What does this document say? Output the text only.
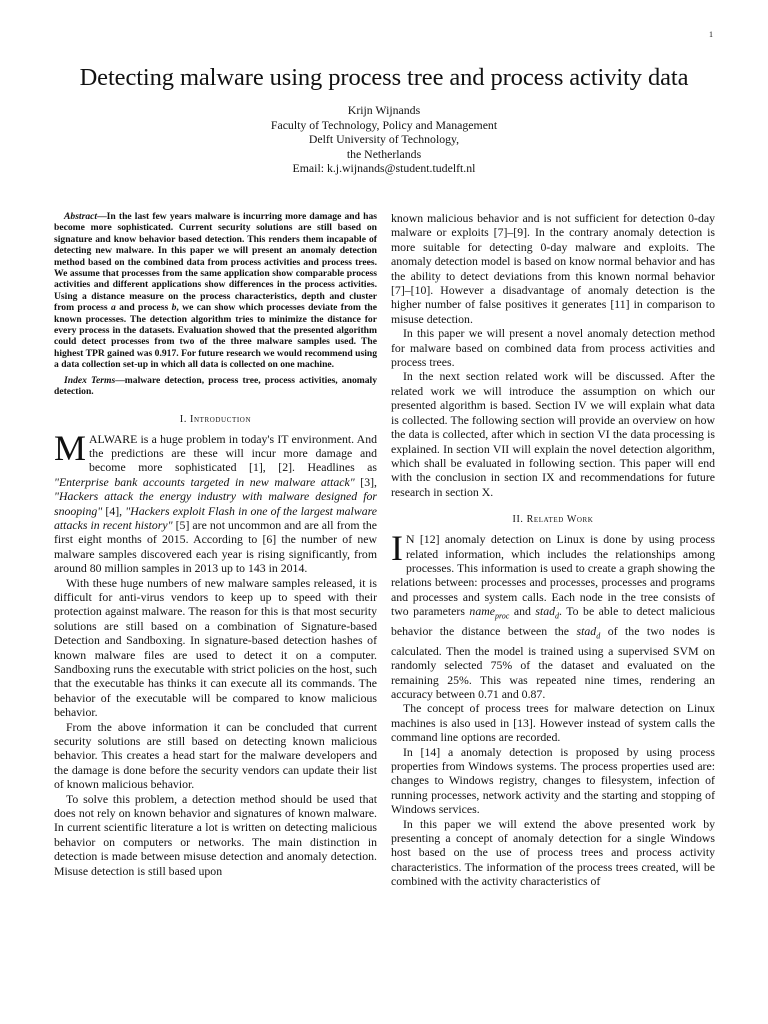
1
Detecting malware using process tree and process activity data
Krijn Wijnands
Faculty of Technology, Policy and Management
Delft University of Technology,
the Netherlands
Email: k.j.wijnands@student.tudelft.nl

Abstract—In the last few years malware is incurring more damage and has become more sophisticated. Current security solutions are still based on signature and know behavior based detection. This renders them incapable of detecting new malware. In this paper we will present an anomaly detection method based on the combined data from process activities and process trees. We assume that processes from the same application show comparable process activities and different applications show differences in the process activities. Using a distance measure on the process characteristics, depth and cluster from process a and process b, we can show which processes deviate from the known processes. The detection algorithm tries to minimize the distance for every process in the datasets. Evaluation showed that the presented algorithm could detect processes from two of the three malware samples used. The highest TPR gained was 0.917. For future research we would recommend using a data collection set-up in which all data is collected on one machine.

Index Terms—malware detection, process tree, process activities, anomaly detection.

I. Introduction

MALWARE is a huge problem in today's IT environment. And the predictions are these will incur more damage and become more sophisticated [1], [2]. Headlines as "Enterprise bank accounts targeted in new malware attack" [3], "Hackers attack the energy industry with malware designed for snooping" [4], "Hackers exploit Flash in one of the largest malware attacks in recent history" [5] are not uncommon and are all from the first eight months of 2015. According to [6] the number of new malware samples discovered each year is rising significantly, from around 80 million samples in 2013 up to 143 in 2014.

With these huge numbers of new malware samples released, it is difficult for anti-virus vendors to keep up to speed with their protection against malware. The reason for this is that most security solutions are still based on a combination of Signature-based Detection and Sandboxing. In signature-based detection hashes of known malware files are used to detect it on a computer. Sandboxing runs the executable with strict policies on the host, such that the executable has thinks it can execute all its commands. The behavior of the executable will be compared to know malicious behavior.

From the above information it can be concluded that current security solutions are still based on detecting known malicious behavior. This creates a head start for the malware developers and the damage is done before the security vendors can update their list of known malicious behavior.

To solve this problem, a detection method should be used that does not rely on known behavior and signatures of known malware. In current scientific literature a lot is written on detecting malicious behavior on computers or networks. The main distinction in detection is made between misuse detection and anomaly detection. Misuse detection is still based upon

known malicious behavior and is not sufficient for detection 0-day malware or exploits [7]–[9]. In the contrary anomaly detection is more suitable for detecting 0-day malware and exploits. The anomaly detection model is based on know normal behavior and has the ability to detect deviations from this known normal behavior [7]–[10]. However a disadvantage of anomaly detection is the higher number of false positives it generates [11] in comparison to misuse detection.

In this paper we will present a novel anomaly detection method for malware based on combined data from process activities and process trees.

In the next section related work will be discussed. After the related work we will introduce the assumption on which our presented algorithm is based. Section IV we will explain what data is collected. The following section will provide an overview on how the data is collected, after which in section VI the data processing is explained. In section VII will explain the novel detection algorithm, which shall be evaluated in following section. This paper will end with the conclusion in section IX and recommendations for future research in section X.

II. Related Work

I N [12] anomaly detection on Linux is done by using process related information, which includes the relationships among processes. This information is used to create a graph showing the relations between: processes and processes, processes and programs and processes and system calls. Each node in the tree consists of two parameters name$_{proc}$ and stad$_d$. To be able to detect malicious behavior the distance between the stad$_d$ of the two nodes is calculated. Then the model is trained using a supervised SVM on randomly selected 75% of the dataset and evaluated on the remaining 25%. This was repeated nine times, rendering an accuracy between 0.71 and 0.87.

The concept of process trees for malware detection on Linux machines is also used in [13]. However instead of system calls the command line options are recorded.

In [14] a anomaly detection is proposed by using process properties from Windows systems. The process properties used are: changes to Windows registry, changes to filesystem, infection of running processes, network activity and the starting and stopping of Windows services.

In this paper we will extend the above presented work by presenting a concept of anomaly detection for a single Windows host based on the use of process trees and process activity characteristics. The information of the process trees created, will be combined with the activity characteristics of
